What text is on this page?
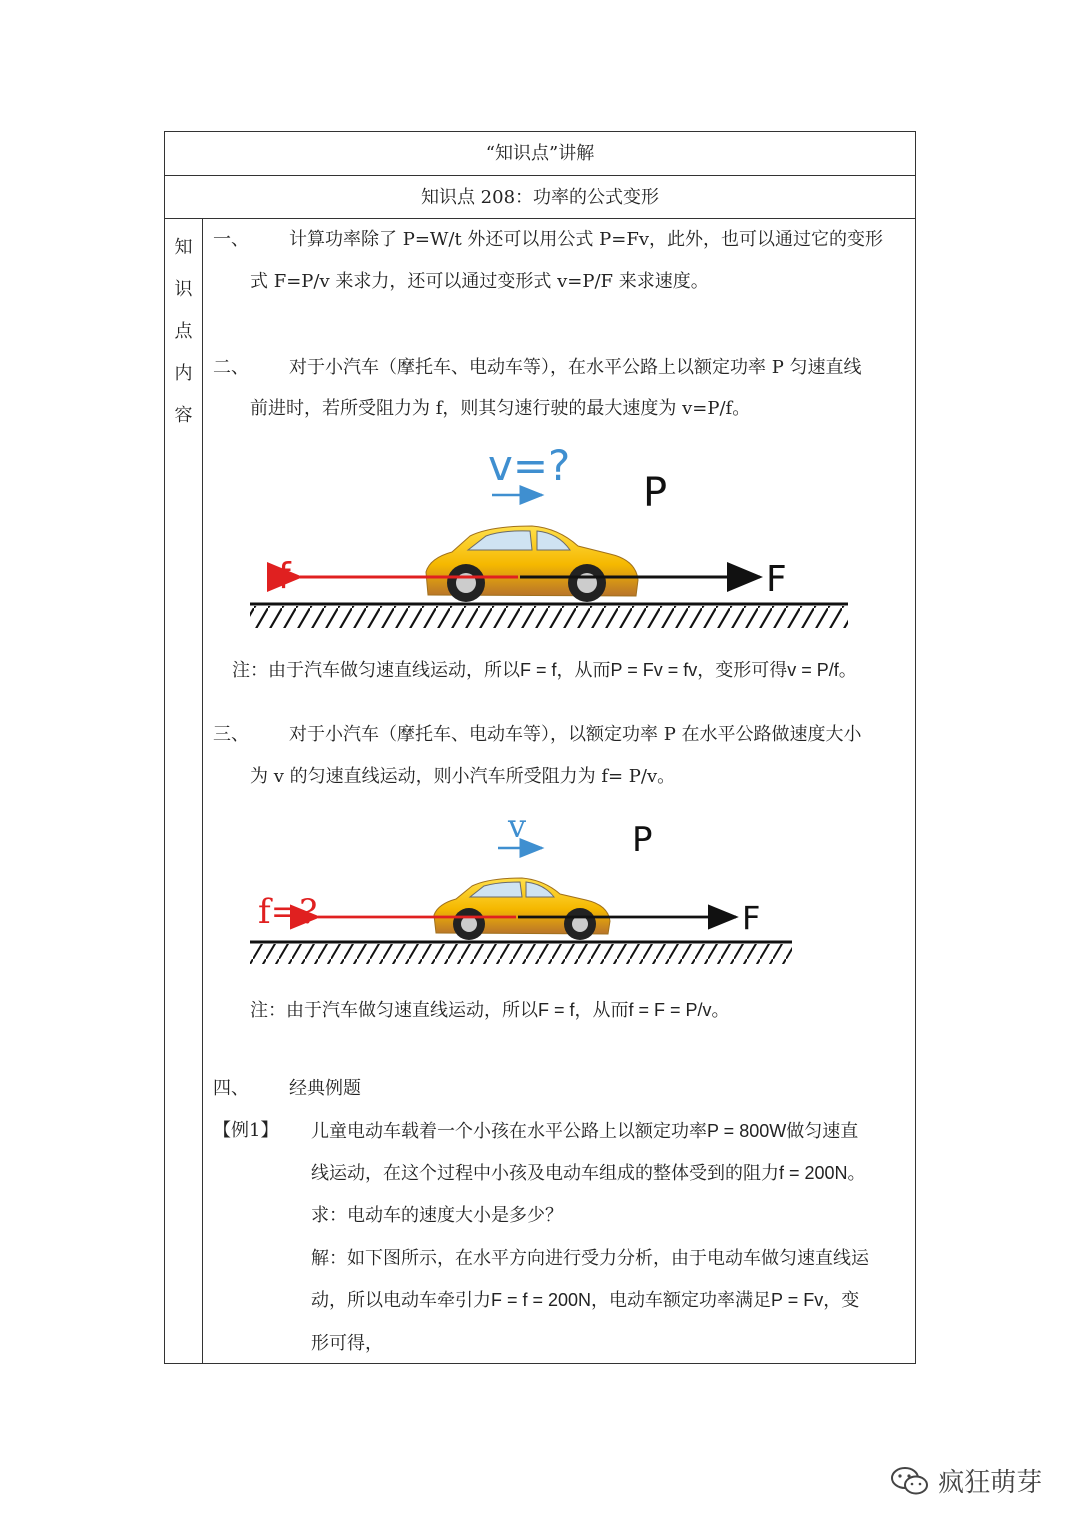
“知识点”讲解
知识点 208：功率的公式变形
知
识
点
内
容
一、 计算功率除了 P=W/t 外还可以用公式 P=Fv，此外，也可以通过它的变形
式 F=P/v 来求力，还可以通过变形式 v=P/F 来求速度。
二、 对于小汽车（摩托车、电动车等），在水平公路上以额定功率 P 匀速直线
前进时，若所受阻力为 f，则其匀速行驶的最大速度为 v=P/f。
v=?
P
f	F
注：由于汽车做匀速直线运动，所以F = f，从而P = Fv = fv，变形可得v = P/f。
三、 对于小汽车（摩托车、电动车等），以额定功率 P 在水平公路做速度大小
为 v 的匀速直线运动，则小汽车所受阻力为 f= P/v。
v	P
f=?	F
注：由于汽车做匀速直线运动，所以F = f，从而f = F = P/v。
四、 经典例题
【例1】 儿童电动车载着一个小孩在水平公路上以额定功率P = 800W做匀速直
线运动，在这个过程中小孩及电动车组成的整体受到的阻力f = 200N。
求：电动车的速度大小是多少？
解：如下图所示，在水平方向进行受力分析，由于电动车做匀速直线运
动，所以电动车牵引力F = f = 200N，电动车额定功率满足P = Fv，变
形可得，
疯狂萌芽
